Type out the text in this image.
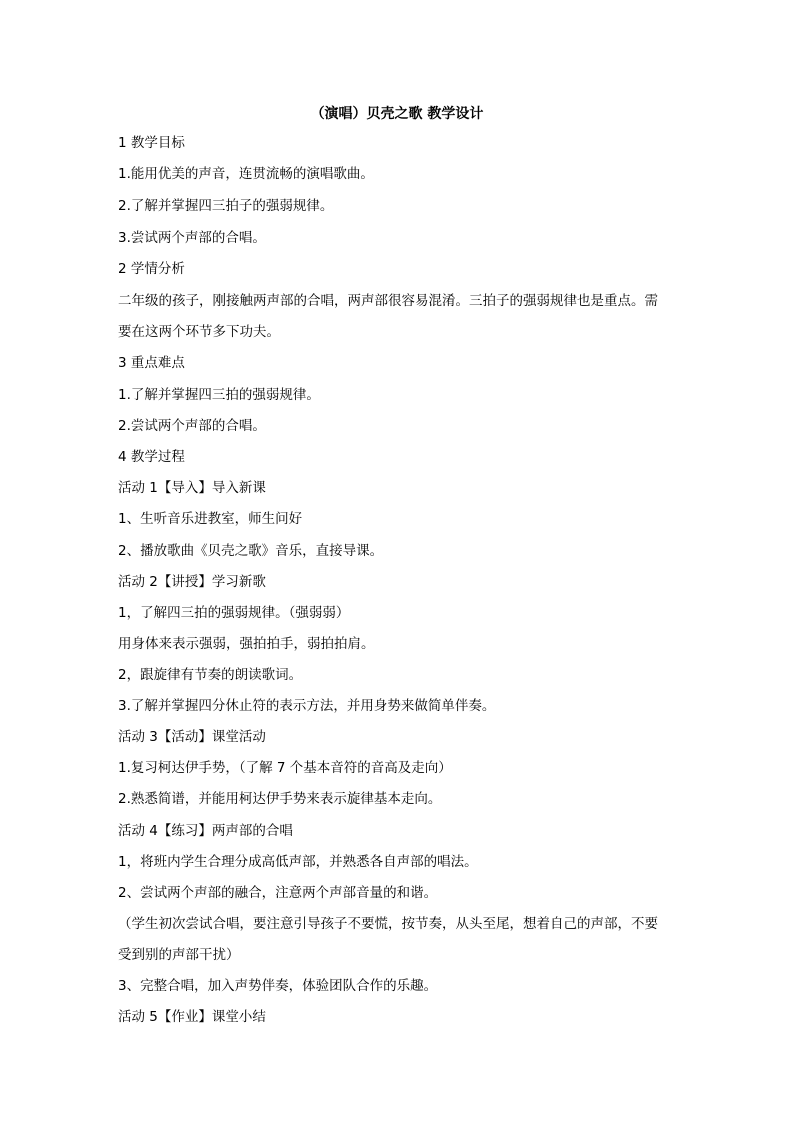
（演唱）贝壳之歌 教学设计
1 教学目标
1.能用优美的声音，连贯流畅的演唱歌曲。
2.了解并掌握四三拍子的强弱规律。
3.尝试两个声部的合唱。
2 学情分析
二年级的孩子，刚接触两声部的合唱，两声部很容易混淆。三拍子的强弱规律也是重点。需
要在这两个环节多下功夫。
3 重点难点
1.了解并掌握四三拍的强弱规律。
2.尝试两个声部的合唱。
4 教学过程
活动 1【导入】导入新课
1、生听音乐进教室，师生问好
2、播放歌曲《贝壳之歌》音乐，直接导课。
活动 2【讲授】学习新歌
1，了解四三拍的强弱规律。（强弱弱）
用身体来表示强弱，强拍拍手，弱拍拍肩。
2，跟旋律有节奏的朗读歌词。
3.了解并掌握四分休止符的表示方法，并用身势来做简单伴奏。
活动 3【活动】课堂活动
1.复习柯达伊手势，（了解 7 个基本音符的音高及走向）
2.熟悉简谱，并能用柯达伊手势来表示旋律基本走向。
活动 4【练习】两声部的合唱
1，将班内学生合理分成高低声部，并熟悉各自声部的唱法。
2、尝试两个声部的融合，注意两个声部音量的和谐。
（学生初次尝试合唱，要注意引导孩子不要慌，按节奏，从头至尾，想着自己的声部，不要
受到别的声部干扰）
3、完整合唱，加入声势伴奏，体验团队合作的乐趣。
活动 5【作业】课堂小结
